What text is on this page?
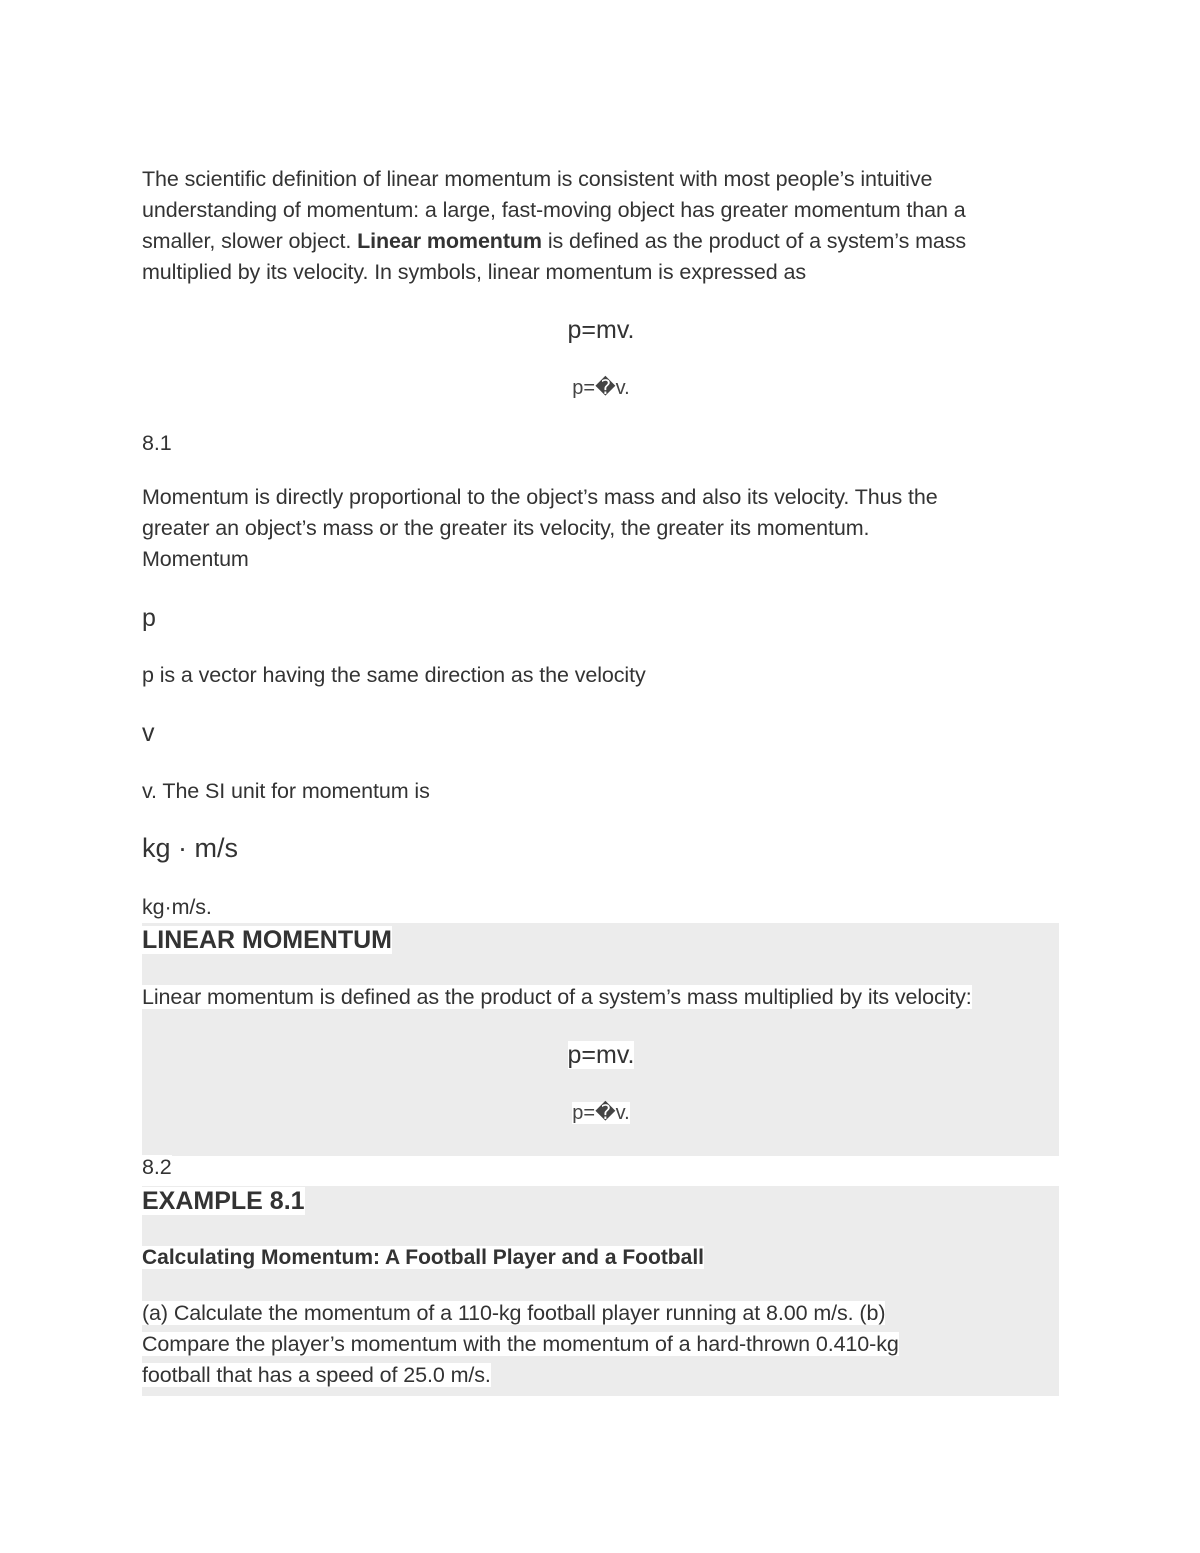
The scientific definition of linear momentum is consistent with most people’s intuitive
understanding of momentum: a large, fast-moving object has greater momentum than a
smaller, slower object. Linear momentum is defined as the product of a system’s mass
multiplied by its velocity. In symbols, linear momentum is expressed as

p=mv.
p=�v.
8.1

Momentum is directly proportional to the object’s mass and also its velocity. Thus the
greater an object’s mass or the greater its velocity, the greater its momentum.
Momentum

p
p is a vector having the same direction as the velocity
v
v. The SI unit for momentum is
kg · m/s
kg·m/s.
LINEAR MOMENTUM
Linear momentum is defined as the product of a system’s mass multiplied by its velocity:
p=mv.
p=�v.
8.2
EXAMPLE 8.1
Calculating Momentum: A Football Player and a Football

(a) Calculate the momentum of a 110-kg football player running at 8.00 m/s. (b)
Compare the player’s momentum with the momentum of a hard-thrown 0.410-kg
football that has a speed of 25.0 m/s.
